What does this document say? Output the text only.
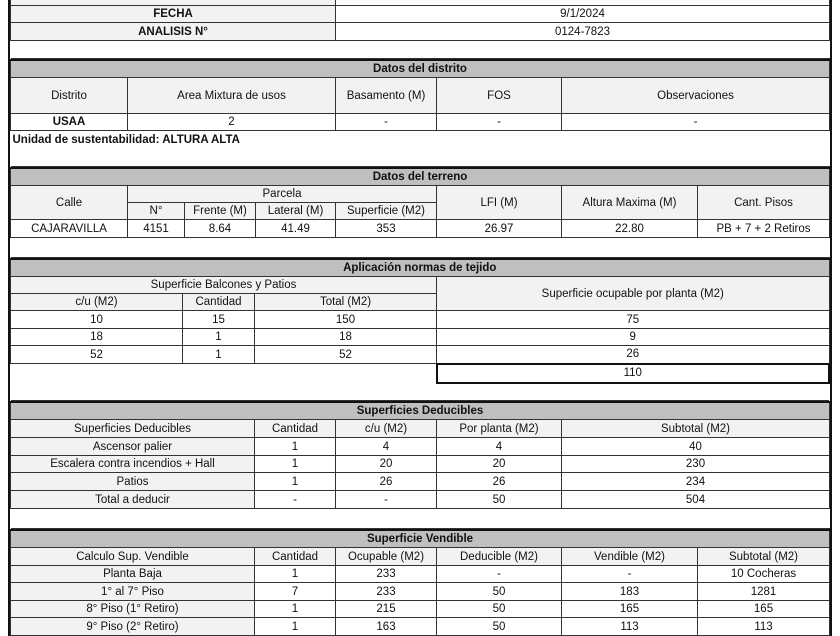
FECHA	9/1/2024
ANALISIS N°	0124-7823

Datos del distrito				
Distrito	Area Mixtura de usos	Basamento (M)	FOS	Observaciones
USAA	2	-	-	-
Unidad de sustentabilidad: ALTURA ALTA				
Datos del terreno							
Calle	Parcela				LFI (M)	Altura Maxima (M)	Cant. Pisos
	N°	Frente (M)	Lateral (M)	Superficie (M2)			
CAJARAVILLA	4151	8.64	41.49	353	26.97	22.80	PB + 7 + 2 Retiros

Aplicación normas de tejido			
Superficie Balcones y Patios			Superficie ocupable por planta (M2)
c/u (M2)	Cantidad	Total (M2)	
10	15	150	75
18	1	18	9
52	1	52	26
			110

Superficies Deducibles				
Superficies Deducibles	Cantidad	c/u (M2)	Por planta (M2)	Subtotal (M2)
Ascensor palier	1	4	4	40
Escalera contra incendios + Hall	1	20	20	230
Patios	1	26	26	234
Total a deducir	-	-	50	504

Superficie Vendible					
Calculo Sup. Vendible	Cantidad	Ocupable (M2)	Deducible (M2)	Vendible (M2)	Subtotal (M2)
Planta Baja	1	233	-	-	10 Cocheras
1° al 7° Piso	7	233	50	183	1281
8° Piso (1° Retiro)	1	215	50	165	165
9° Piso (2° Retiro)	1	163	50	113	113
